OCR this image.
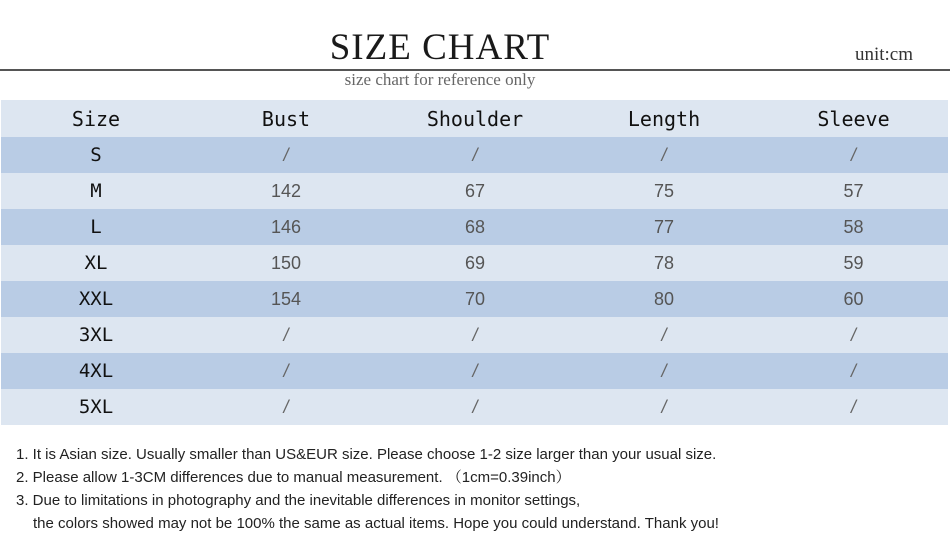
SIZE CHART	unit:cm
size chart for reference only
Size	Bust	Shoulder	Length	Sleeve
S	/	/	/	/
M	142	67	75	57
L	146	68	77	58
XL	150	69	78	59
XXL	154	70	80	60
3XL	/	/	/	/
4XL	/	/	/	/
5XL	/	/	/	/

1. It is Asian size. Usually smaller than US&EUR size. Please choose 1-2 size larger than your usual size.

2. Please allow 1-3CM differences due to manual measurement. （1cm=0.39inch）

3. Due to limitations in photography and the inevitable differences in monitor settings,

the colors showed may not be 100% the same as actual items. Hope you could understand. Thank you!
